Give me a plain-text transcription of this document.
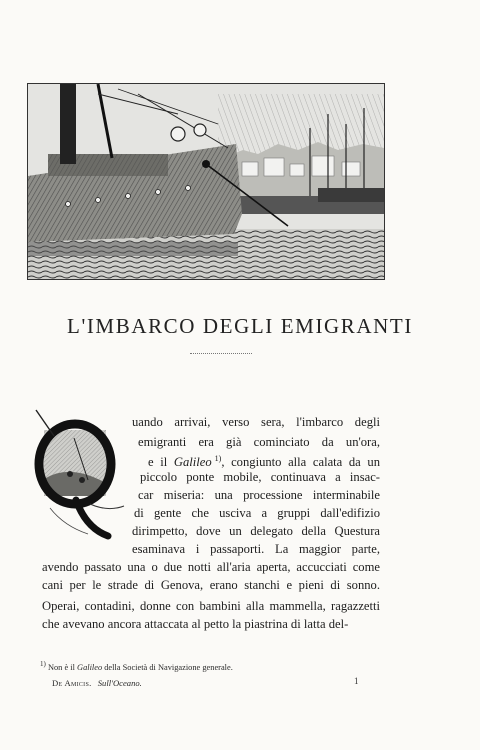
L'IMBARCO DEGLI EMIGRANTI
uando arrivai, verso sera, l'imbarco degli
emigranti era già cominciato da un'ora,
e il Galileo $^{1)}$, congiunto alla calata da un
piccolo ponte mobile, continuava a insac-
car miseria: una processione interminabile
di gente che usciva a gruppi dall'edifizio
dirimpetto, dove un delegato della Questura
esaminava i passaporti. La maggior parte,
avendo passato una o due notti all'aria aperta, accucciati come
cani per le strade di Genova, erano stanchi e pieni di sonno.
Operai, contadini, donne con bambini alla mammella, ragazzetti
che avevano ancora attaccata al petto la piastrina di latta del-
$^{1)}$ Non è il Galileo della Società di Navigazione generale.
De Amicis. Sull'Oceano.	1
